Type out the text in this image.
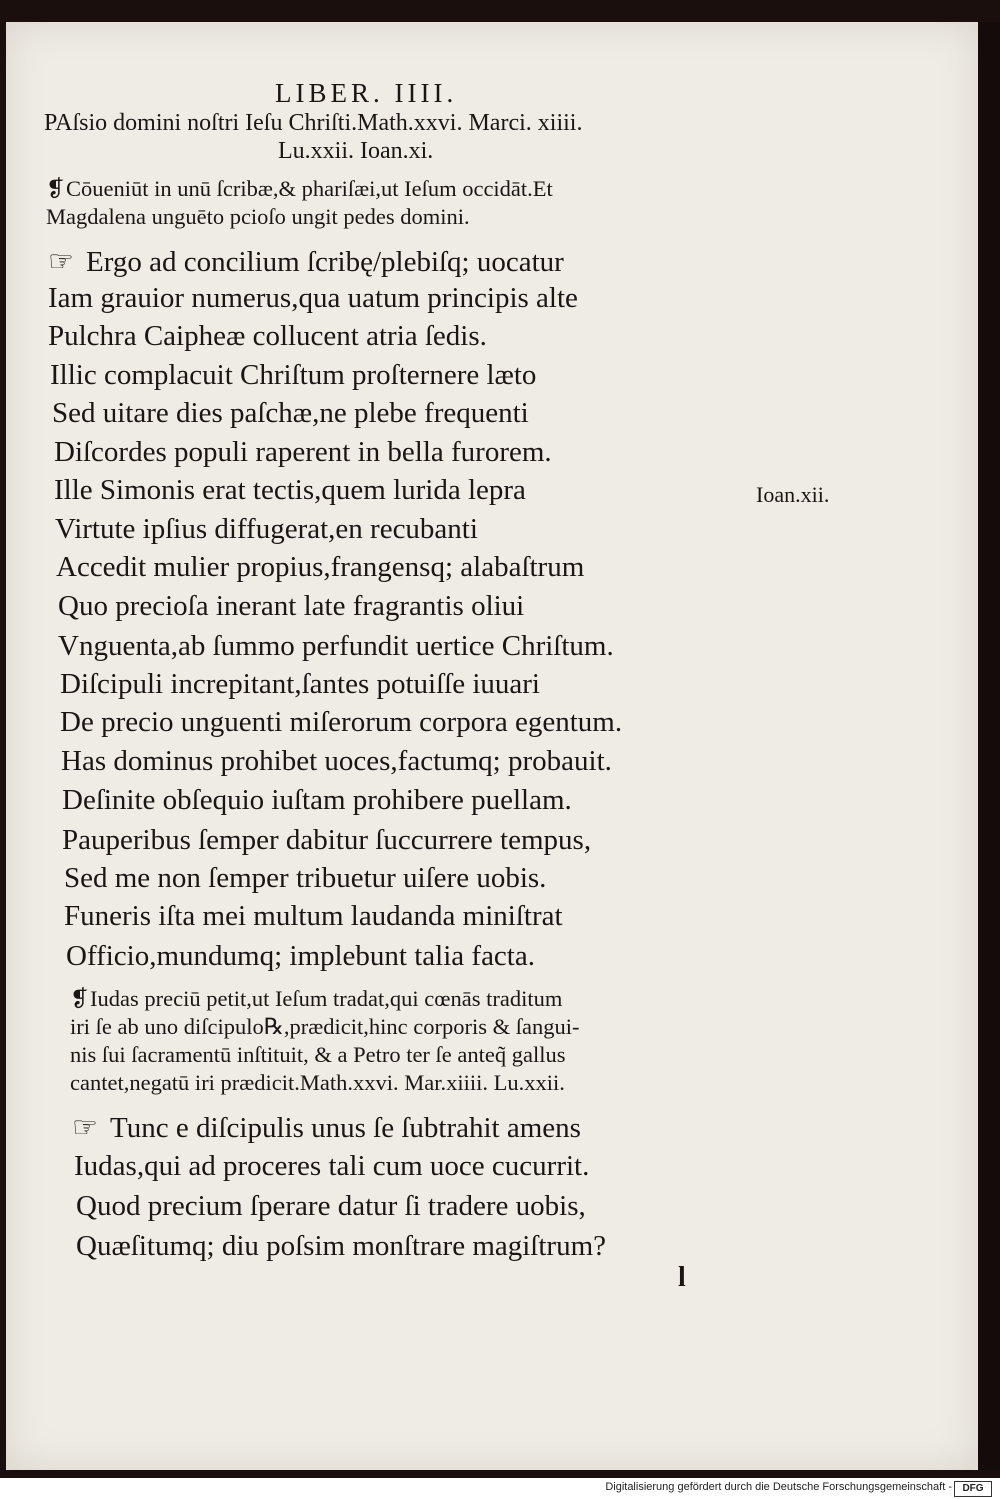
LIBER. IIII.
PAſsio domini noſtri Ieſu Chriſti.Math.xxvi. Marci. xiiii.
Lu.xxii. Ioan.xi.
❡Cōueniūt in unū ſcribæ,& phariſæi,ut Ieſum occidāt.Et
Magdalena unguēto pcioſo ungit pedes domini.
☞ Ergo ad concilium ſcribę/plebiſq; uocatur
Iam grauior numerus,qua uatum principis alte
Pulchra Caipheæ collucent atria ſedis.
Illic complacuit Chriſtum proſternere læto
Sed uitare dies paſchæ,ne plebe frequenti
Diſcordes populi raperent in bella furorem.
Ille Simonis erat tectis,quem lurida lepra
Virtute ipſius diffugerat,en recubanti
Accedit mulier propius,frangensq; alabaſtrum
Quo precioſa inerant late fragrantis oliui
Vnguenta,ab ſummo perfundit uertice Chriſtum.
Diſcipuli increpitant,ſantes potuiſſe iuuari
De precio unguenti miſerorum corpora egentum.
Has dominus prohibet uoces,factumq; probauit.
Deſinite obſequio iuſtam prohibere puellam.
Pauperibus ſemper dabitur ſuccurrere tempus,
Sed me non ſemper tribuetur uiſere uobis.
Funeris iſta mei multum laudanda miniſtrat
Officio,mundumq; implebunt talia facta.
Ioan.xii.
❡Iudas preciū petit,ut Ieſum tradat,qui cœnās traditum
iri ſe ab uno diſcipulo℞,prædicit,hinc corporis & ſangui-
nis ſui ſacramentū inſtituit, & a Petro ter ſe anteq̃ gallus
cantet,negatū iri prædicit.Math.xxvi. Mar.xiiii. Lu.xxii.
☞ Tunc e diſcipulis unus ſe ſubtrahit amens
Iudas,qui ad proceres tali cum uoce cucurrit.
Quod precium ſperare datur ſi tradere uobis,
Quæſitumq; diu poſsim monſtrare magiſtrum?
l
Digitalisierung gefördert durch die Deutsche Forschungsgemeinschaft -	DFG
